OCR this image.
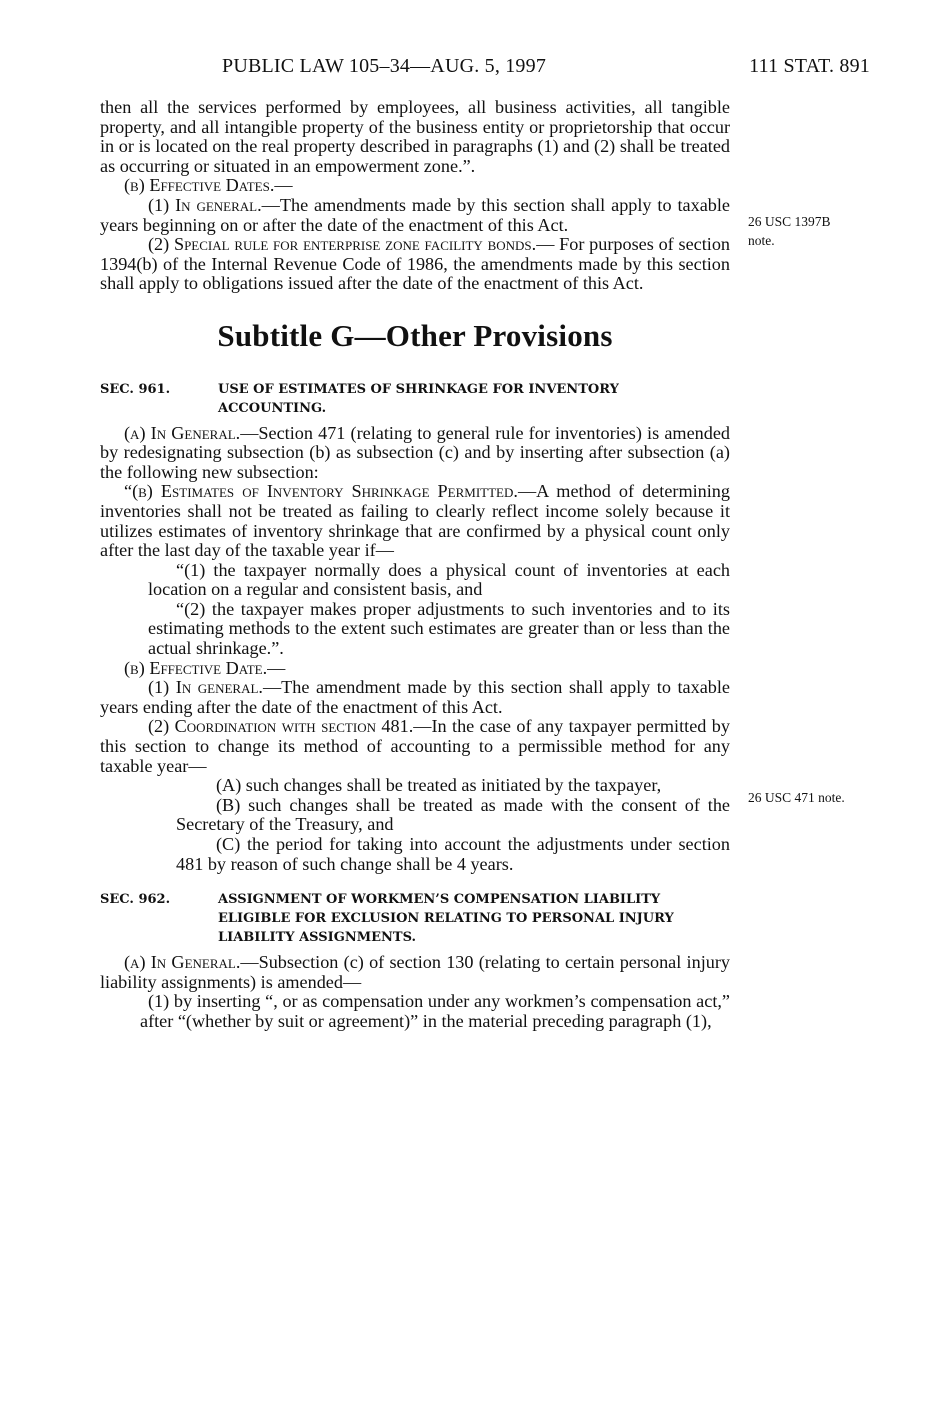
PUBLIC LAW 105–34—AUG. 5, 1997	111 STAT. 891
26 USC 1397B
note.
26 USC 471 note.

then all the services performed by employees, all business activities, all tangible property, and all intangible property of the business entity or proprietorship that occur in or is located on the real property described in paragraphs (1) and (2) shall be treated as occurring or situated in an empowerment zone.”.

(b) Effective Dates.—

(1) In general.—The amendments made by this section shall apply to taxable years beginning on or after the date of the enactment of this Act.

(2) Special rule for enterprise zone facility bonds.— For purposes of section 1394(b) of the Internal Revenue Code of 1986, the amendments made by this section shall apply to obligations issued after the date of the enactment of this Act.

Subtitle G—Other Provisions
SEC. 961.	USE OF ESTIMATES OF SHRINKAGE FOR INVENTORY ACCOUNTING.

(a) In General.—Section 471 (relating to general rule for inventories) is amended by redesignating subsection (b) as subsection (c) and by inserting after subsection (a) the following new subsection:

“(b) Estimates of Inventory Shrinkage Permitted.—A method of determining inventories shall not be treated as failing to clearly reflect income solely because it utilizes estimates of inventory shrinkage that are confirmed by a physical count only after the last day of the taxable year if—

“(1) the taxpayer normally does a physical count of inventories at each location on a regular and consistent basis, and

“(2) the taxpayer makes proper adjustments to such inventories and to its estimating methods to the extent such estimates are greater than or less than the actual shrinkage.”.

(b) Effective Date.—

(1) In general.—The amendment made by this section shall apply to taxable years ending after the date of the enactment of this Act.

(2) Coordination with section 481.—In the case of any taxpayer permitted by this section to change its method of accounting to a permissible method for any taxable year—

(A) such changes shall be treated as initiated by the taxpayer,

(B) such changes shall be treated as made with the consent of the Secretary of the Treasury, and

(C) the period for taking into account the adjustments under section 481 by reason of such change shall be 4 years.

SEC. 962.	ASSIGNMENT OF WORKMEN’S COMPENSATION LIABILITY ELIGIBLE FOR EXCLUSION RELATING TO PERSONAL INJURY LIABILITY ASSIGNMENTS.

(a) In General.—Subsection (c) of section 130 (relating to certain personal injury liability assignments) is amended—

(1) by inserting “, or as compensation under any workmen’s compensation act,” after “(whether by suit or agreement)” in the material preceding paragraph (1),
